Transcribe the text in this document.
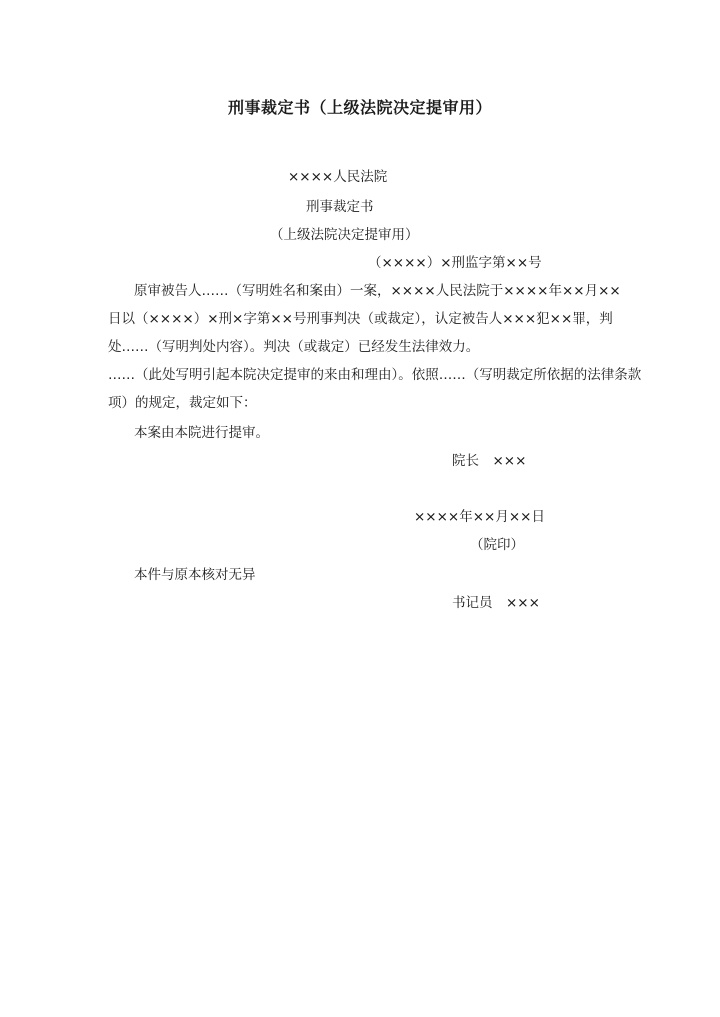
刑事裁定书（上级法院决定提审用）
××××人民法院
刑事裁定书
（上级法院决定提审用）
（××××）×刑监字第××号
原审被告人……（写明姓名和案由）一案，××××人民法院于××××年××月××
日以（××××）×刑×字第××号刑事判决（或裁定），认定被告人×××犯××罪，判
处……（写明判处内容）。判决（或裁定）已经发生法律效力。
……（此处写明引起本院决定提审的来由和理由）。依照……（写明裁定所依据的法律条款
项）的规定，裁定如下：
本案由本院进行提审。
院长　×××
××××年××月××日
（院印）
本件与原本核对无异
书记员　×××
